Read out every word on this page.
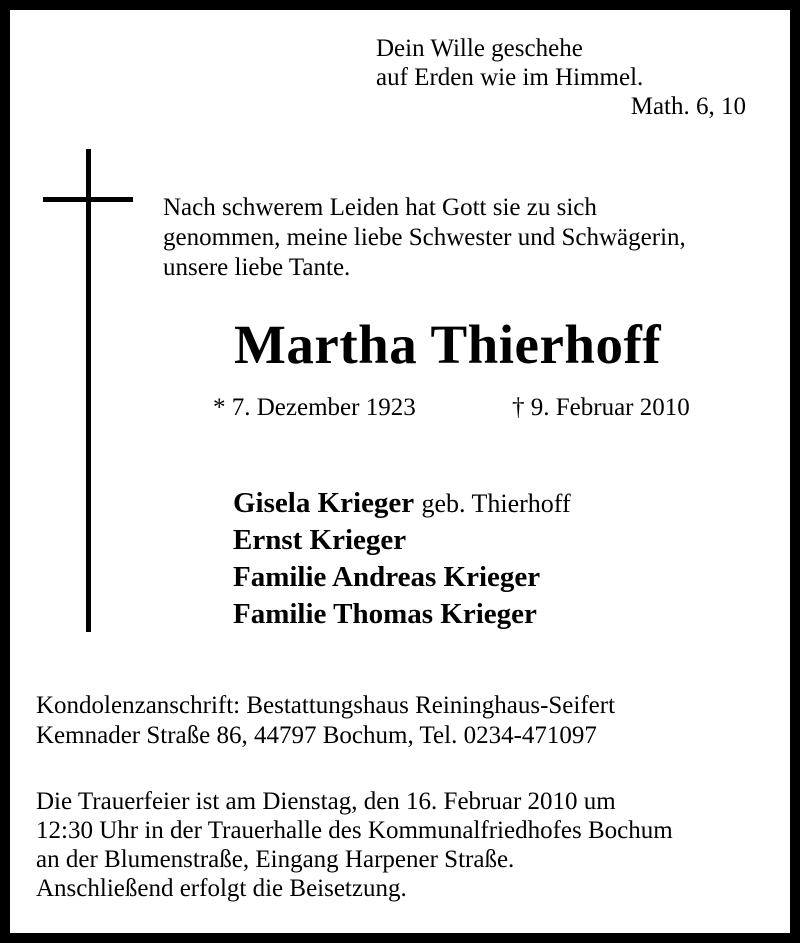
Dein Wille geschehe
auf Erden wie im Himmel.
Math. 6, 10
Nach schwerem Leiden hat Gott sie zu sich
genommen, meine liebe Schwester und Schwägerin,
unsere liebe Tante.
Martha Thierhoff
* 7. Dezember 1923	† 9. Februar 2010
Gisela Krieger geb. Thierhoff
Ernst Krieger
Familie Andreas Krieger
Familie Thomas Krieger
Kondolenzanschrift: Bestattungshaus Reininghaus-Seifert
Kemnader Straße 86, 44797 Bochum, Tel. 0234-471097
Die Trauerfeier ist am Dienstag, den 16. Februar 2010 um
12:30 Uhr in der Trauerhalle des Kommunalfriedhofes Bochum
an der Blumenstraße, Eingang Harpener Straße.
Anschließend erfolgt die Beisetzung.
